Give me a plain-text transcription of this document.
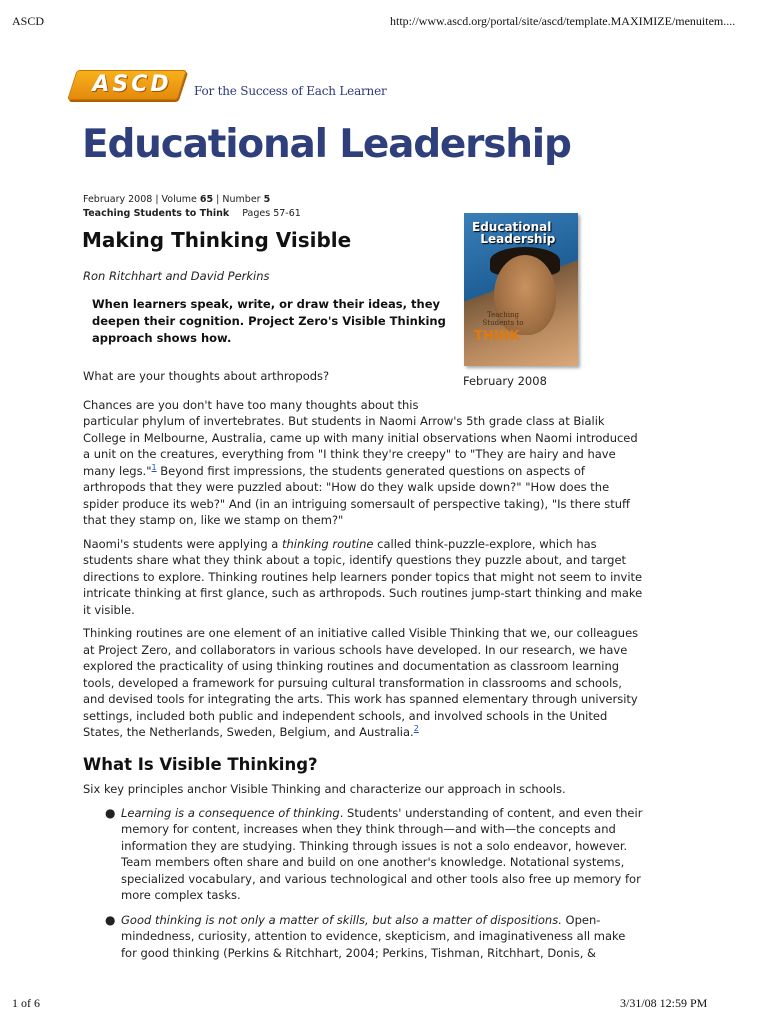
ASCD	http://www.ascd.org/portal/site/ascd/template.MAXIMIZE/menuitem....
ASCD	For the Success of Each Learner
Educational Leadership
February 2008 | Volume 65 | Number 5
Teaching Students to Think Pages 57-61
Making Thinking Visible
Ron Ritchhart and David Perkins
When learners speak, write, or draw their ideas, they deepen their cognition. Project Zero's Visible Thinking approach shows how.
Educational
Leadership
Teaching Students to
THINK
February 2008

What are your thoughts about arthropods?

Chances are you don't have too many thoughts about this
particular phylum of invertebrates. But students in Naomi Arrow's 5th grade class at Bialik College in Melbourne, Australia, came up with many initial observations when Naomi introduced a unit on the creatures, everything from "I think they're creepy" to "They are hairy and have many legs."$^1$ Beyond first impressions, the students generated questions on aspects of arthropods that they were puzzled about: "How do they walk upside down?" "How does the spider produce its web?" And (in an intriguing somersault of perspective taking), "Is there stuff that they stamp on, like we stamp on them?"

Naomi's students were applying a thinking routine called think-puzzle-explore, which has students share what they think about a topic, identify questions they puzzle about, and target directions to explore. Thinking routines help learners ponder topics that might not seem to invite intricate thinking at first glance, such as arthropods. Such routines jump-start thinking and make it visible.

Thinking routines are one element of an initiative called Visible Thinking that we, our colleagues at Project Zero, and collaborators in various schools have developed. In our research, we have explored the practicality of using thinking routines and documentation as classroom learning tools, developed a framework for pursuing cultural transformation in classrooms and schools, and devised tools for integrating the arts. This work has spanned elementary through university settings, included both public and independent schools, and involved schools in the United States, the Netherlands, Sweden, Belgium, and Australia.$^2$

What Is Visible Thinking?

Six key principles anchor Visible Thinking and characterize our approach in schools.

● Learning is a consequence of thinking. Students' understanding of content, and even their memory for content, increases when they think through—and with—the concepts and information they are studying. Thinking through issues is not a solo endeavor, however. Team members often share and build on one another's knowledge. Notational systems, specialized vocabulary, and various technological and other tools also free up memory for more complex tasks.
● Good thinking is not only a matter of skills, but also a matter of dispositions. Open-mindedness, curiosity, attention to evidence, skepticism, and imaginativeness all make for good thinking (Perkins & Ritchhart, 2004; Perkins, Tishman, Ritchhart, Donis, &
1 of 6	3/31/08 12:59 PM
